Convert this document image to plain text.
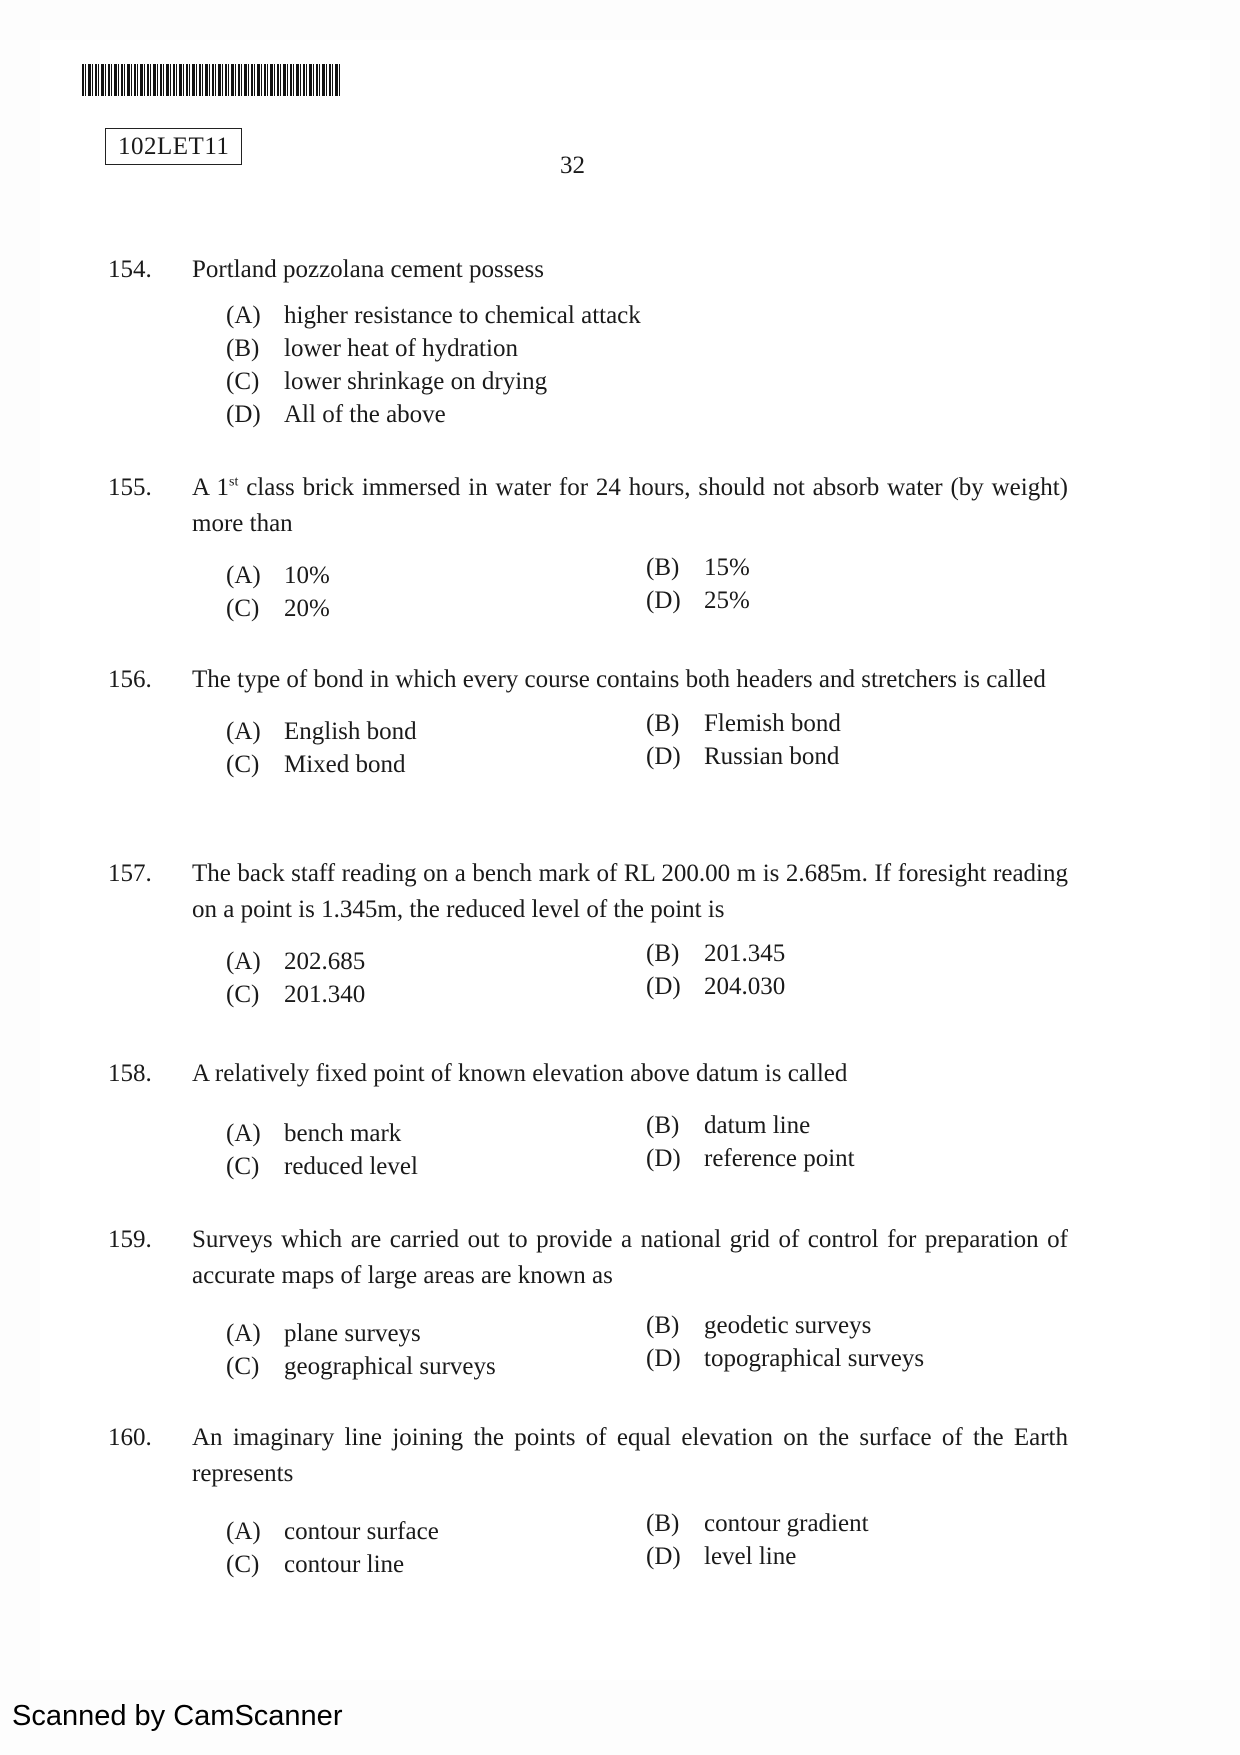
102LET11
32
154. Portland pozzolana cement possess
(A) higher resistance to chemical attack
(B) lower heat of hydration
(C) lower shrinkage on drying
(D) All of the above
155. A 1st class brick immersed in water for 24 hours, should not absorb water (by weight) more than
(A) 10%	(B) 15%
(C) 20%	(D) 25%
156. The type of bond in which every course contains both headers and stretchers is called
(A) English bond	(B) Flemish bond
(C) Mixed bond	(D) Russian bond
157. The back staff reading on a bench mark of RL 200.00 m is 2.685m. If foresight reading on a point is 1.345m, the reduced level of the point is
(A) 202.685	(B) 201.345
(C) 201.340	(D) 204.030
158. A relatively fixed point of known elevation above datum is called
(A) bench mark	(B) datum line
(C) reduced level	(D) reference point
159. Surveys which are carried out to provide a national grid of control for preparation of accurate maps of large areas are known as
(A) plane surveys	(B) geodetic surveys
(C) geographical surveys	(D) topographical surveys
160. An imaginary line joining the points of equal elevation on the surface of the Earth represents
(A) contour surface	(B) contour gradient
(C) contour line	(D) level line
Scanned by CamScanner
